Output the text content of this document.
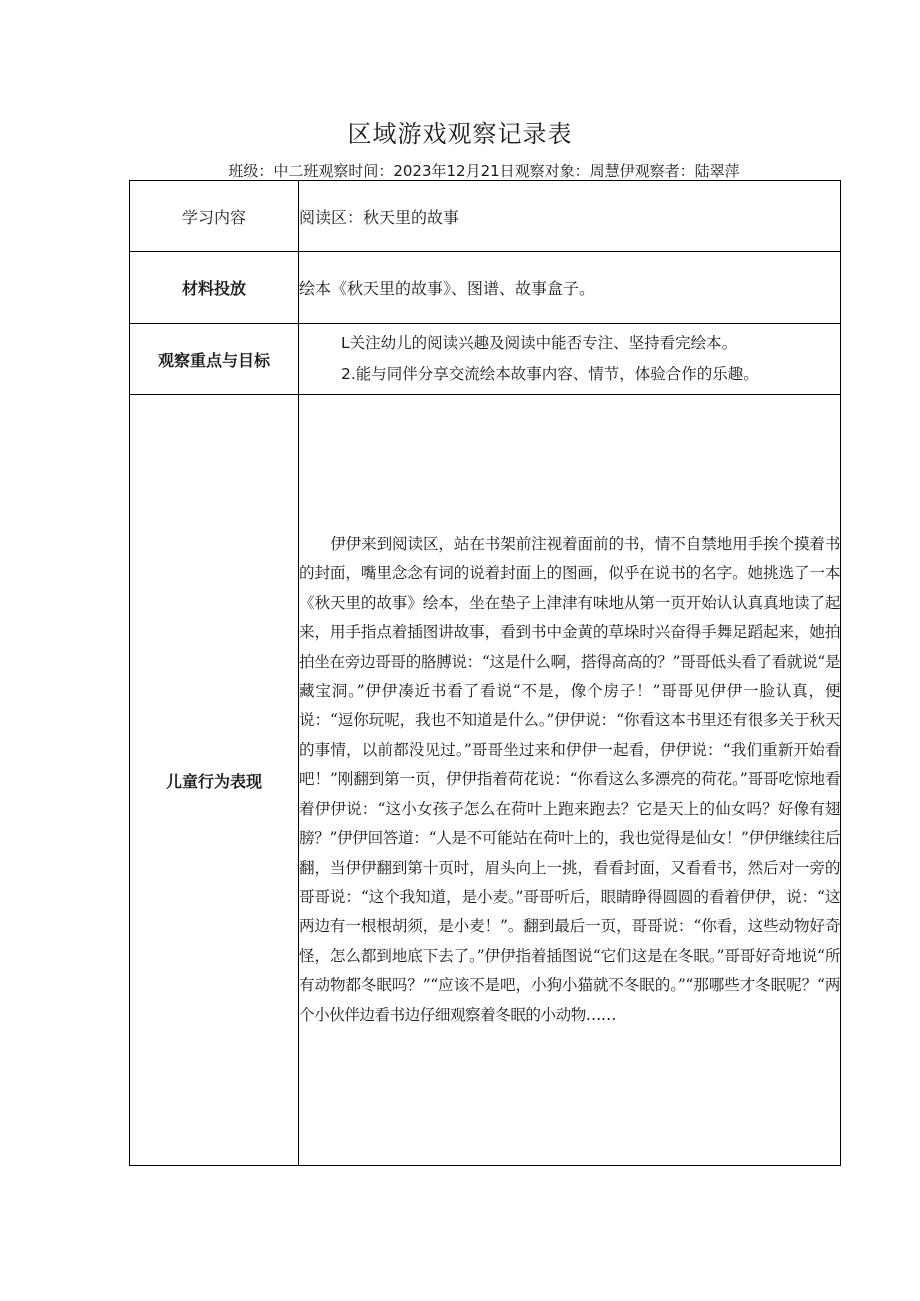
区域游戏观察记录表
班级：中二班观察时间：2023年12月21日观察对象：周慧伊观察者：陆翠萍
学习内容	阅读区：秋天里的故事
材料投放	绘本《秋天里的故事》、图谱、故事盒子。
观察重点与目标	L关注幼儿的阅读兴趣及阅读中能否专注、坚持看完绘本。
2.能与同伴分享交流绘本故事内容、情节，体验合作的乐趣。

儿童行为表现	伊伊来到阅读区，站在书架前注视着面前的书，情不自禁地用手挨个摸着书的封面，嘴里念念有词的说着封面上的图画，似乎在说书的名字。她挑选了一本《秋天里的故事》绘本，坐在垫子上津津有味地从第一页开始认认真真地读了起来，用手指点着插图讲故事，看到书中金黄的草垛时兴奋得手舞足蹈起来，她拍拍坐在旁边哥哥的胳膊说：“这是什么啊，搭得高高的？”哥哥低头看了看就说“是藏宝洞。”伊伊凑近书看了看说“不是，像个房子！”哥哥见伊伊一脸认真，便说：“逗你玩呢，我也不知道是什么。”伊伊说：“你看这本书里还有很多关于秋天的事情，以前都没见过。”哥哥坐过来和伊伊一起看，伊伊说：“我们重新开始看吧！”刚翻到第一页，伊伊指着荷花说：“你看这么多漂亮的荷花。”哥哥吃惊地看着伊伊说：“这小女孩子怎么在荷叶上跑来跑去？它是天上的仙女吗？好像有翅膀？”伊伊回答道：“人是不可能站在荷叶上的，我也觉得是仙女！”伊伊继续往后翻，当伊伊翻到第十页时，眉头向上一挑，看看封面，又看看书，然后对一旁的哥哥说：“这个我知道，是小麦。”哥哥听后，眼睛睁得圆圆的看着伊伊，说：“这两边有一根根胡须，是小麦！”。翻到最后一页，哥哥说：“你看，这些动物好奇怪，怎么都到地底下去了。”伊伊指着插图说“它们这是在冬眠。”哥哥好奇地说“所有动物都冬眠吗？”“应该不是吧，小狗小猫就不冬眠的。”“那哪些才冬眠呢？“两个小伙伴边看书边仔细观察着冬眠的小动物……
